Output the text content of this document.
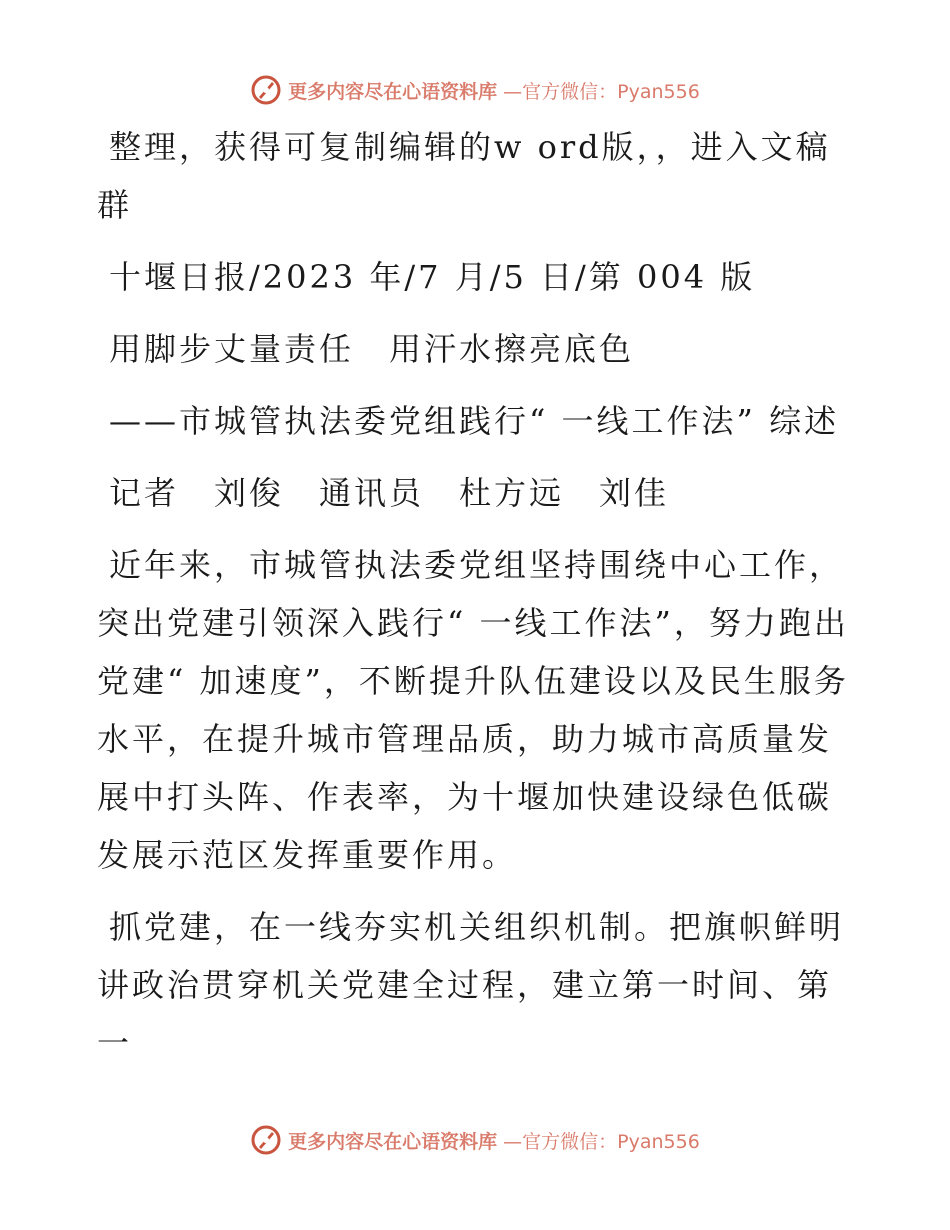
更多内容尽在心语资料库 —官方微信：Pyan556

整理，获得可复制编辑的w ord版，，进入文稿群

十堰日报/2023 年/7 月/5 日/第 004 版

用脚步丈量责任　用汗水擦亮底色

——市城管执法委党组践行“ 一线工作法” 综述

记者　刘俊　通讯员　杜方远　刘佳

近年来，市城管执法委党组坚持围绕中心工作，突出党建引领深入践行“ 一线工作法”，努力跑出党建“ 加速度”，不断提升队伍建设以及民生服务水平，在提升城市管理品质，助力城市高质量发展中打头阵、作表率，为十堰加快建设绿色低碳发展示范区发挥重要作用。

抓党建，在一线夯实机关组织机制。把旗帜鲜明讲政治贯穿机关党建全过程，建立第一时间、第一

更多内容尽在心语资料库 —官方微信：Pyan556
